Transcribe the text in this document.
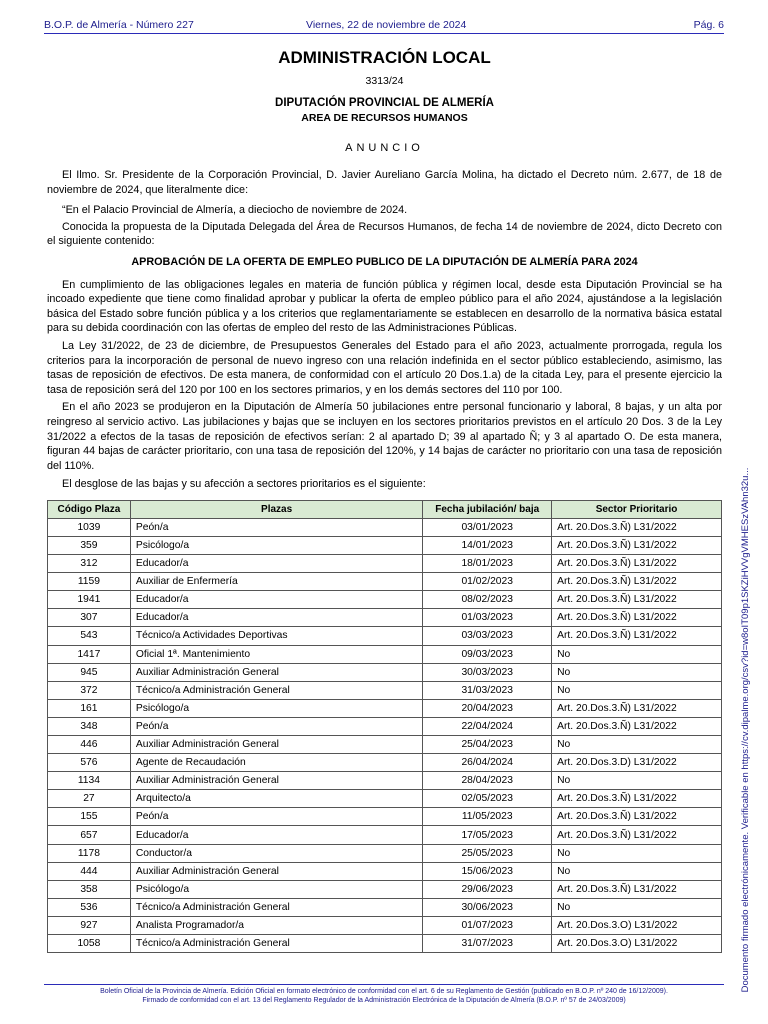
B.O.P. de Almería - Número 227	Viernes, 22 de noviembre de 2024	Pág. 6
ADMINISTRACIÓN LOCAL
3313/24
DIPUTACIÓN PROVINCIAL DE ALMERÍA
AREA DE RECURSOS HUMANOS
ANUNCIO

El Ilmo. Sr. Presidente de la Corporación Provincial, D. Javier Aureliano García Molina, ha dictado el Decreto núm. 2.677, de 18 de noviembre de 2024, que literalmente dice:

“En el Palacio Provincial de Almería, a dieciocho de noviembre de 2024.

Conocida la propuesta de la Diputada Delegada del Área de Recursos Humanos, de fecha 14 de noviembre de 2024, dicto Decreto con el siguiente contenido:

APROBACIÓN DE LA OFERTA DE EMPLEO PUBLICO DE LA DIPUTACIÓN DE ALMERÍA PARA 2024

En cumplimiento de las obligaciones legales en materia de función pública y régimen local, desde esta Diputación Provincial se ha incoado expediente que tiene como finalidad aprobar y publicar la oferta de empleo público para el año 2024, ajustándose a la legislación básica del Estado sobre función pública y a los criterios que reglamentariamente se establecen en desarrollo de la normativa básica estatal para su debida coordinación con las ofertas de empleo del resto de las Administraciones Públicas.

La Ley 31/2022, de 23 de diciembre, de Presupuestos Generales del Estado para el año 2023, actualmente prorrogada, regula los criterios para la incorporación de personal de nuevo ingreso con una relación indefinida en el sector público estableciendo, asimismo, las tasas de reposición de efectivos. De esta manera, de conformidad con el artículo 20 Dos.1.a) de la citada Ley, para el presente ejercicio la tasa de reposición será del 120 por 100 en los sectores primarios, y en los demás sectores del 110 por 100.

En el año 2023 se produjeron en la Diputación de Almería 50 jubilaciones entre personal funcionario y laboral, 8 bajas, y un alta por reingreso al servicio activo. Las jubilaciones y bajas que se incluyen en los sectores prioritarios previstos en el artículo 20 Dos. 3 de la Ley 31/2022 a efectos de la tasas de reposición de efectivos serían: 2 al apartado D; 39 al apartado Ñ; y 3 al apartado O. De esta manera, figuran 44 bajas de carácter prioritario, con una tasa de reposición del 120%, y 14 bajas de carácter no prioritario con una tasa de reposición del 110%.

El desglose de las bajas y su afección a sectores prioritarios es el siguiente:

Código Plaza	Plazas	Fecha jubilación/ baja	Sector Prioritario
1039	Peón/a	03/01/2023	Art. 20.Dos.3.Ñ) L31/2022
359	Psicólogo/a	14/01/2023	Art. 20.Dos.3.Ñ) L31/2022
312	Educador/a	18/01/2023	Art. 20.Dos.3.Ñ) L31/2022
1159	Auxiliar de Enfermería	01/02/2023	Art. 20.Dos.3.Ñ) L31/2022
1941	Educador/a	08/02/2023	Art. 20.Dos.3.Ñ) L31/2022
307	Educador/a	01/03/2023	Art. 20.Dos.3.Ñ) L31/2022
543	Técnico/a Actividades Deportivas	03/03/2023	Art. 20.Dos.3.Ñ) L31/2022
1417	Oficial 1ª. Mantenimiento	09/03/2023	No
945	Auxiliar Administración General	30/03/2023	No
372	Técnico/a Administración General	31/03/2023	No
161	Psicólogo/a	20/04/2023	Art. 20.Dos.3.Ñ) L31/2022
348	Peón/a	22/04/2024	Art. 20.Dos.3.Ñ) L31/2022
446	Auxiliar Administración General	25/04/2023	No
576	Agente de Recaudación	26/04/2024	Art. 20.Dos.3.D) L31/2022
1134	Auxiliar Administración General	28/04/2023	No
27	Arquitecto/a	02/05/2023	Art. 20.Dos.3.Ñ) L31/2022
155	Peón/a	11/05/2023	Art. 20.Dos.3.Ñ) L31/2022
657	Educador/a	17/05/2023	Art. 20.Dos.3.Ñ) L31/2022
1178	Conductor/a	25/05/2023	No
444	Auxiliar Administración General	15/06/2023	No
358	Psicólogo/a	29/06/2023	Art. 20.Dos.3.Ñ) L31/2022
536	Técnico/a Administración General	30/06/2023	No
927	Analista Programador/a	01/07/2023	Art. 20.Dos.3.O) L31/2022
1058	Técnico/a Administración General	31/07/2023	Art. 20.Dos.3.O) L31/2022
Boletín Oficial de la Provincia de Almería. Edición Oficial en formato electrónico de conformidad con el art. 6 de su Reglamento de Gestión (publicado en B.O.P. nº 240 de 16/12/2009).
Firmado de conformidad con el art. 13 del Reglamento Regulador de la Administración Electrónica de la Diputación de Almería (B.O.P. nº 57 de 24/03/2009)
Documento firmado electrónicamente. Verificable en https://cv.dipalme.org/csv?id=w8oIT09p1SKZiHVVgVMHESzVAhn32u...
